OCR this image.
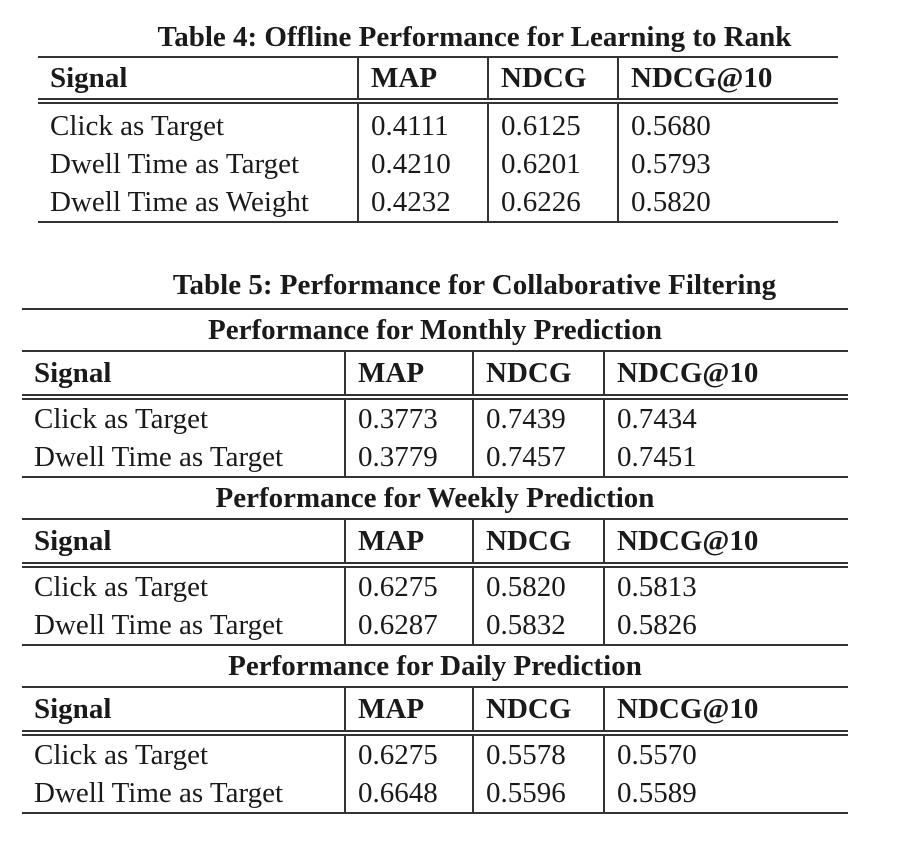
Table 4: Offline Performance for Learning to Rank
Signal	MAP	NDCG	NDCG@10
Click as Target	0.4111	0.6125	0.5680
Dwell Time as Target	0.4210	0.6201	0.5793
Dwell Time as Weight	0.4232	0.6226	0.5820
Table 5: Performance for Collaborative Filtering
Performance for Monthly Prediction			
Signal	MAP	NDCG	NDCG@10
Click as Target	0.3773	0.7439	0.7434
Dwell Time as Target	0.3779	0.7457	0.7451
Performance for Weekly Prediction			
Signal	MAP	NDCG	NDCG@10
Click as Target	0.6275	0.5820	0.5813
Dwell Time as Target	0.6287	0.5832	0.5826
Performance for Daily Prediction			
Signal	MAP	NDCG	NDCG@10
Click as Target	0.6275	0.5578	0.5570
Dwell Time as Target	0.6648	0.5596	0.5589
